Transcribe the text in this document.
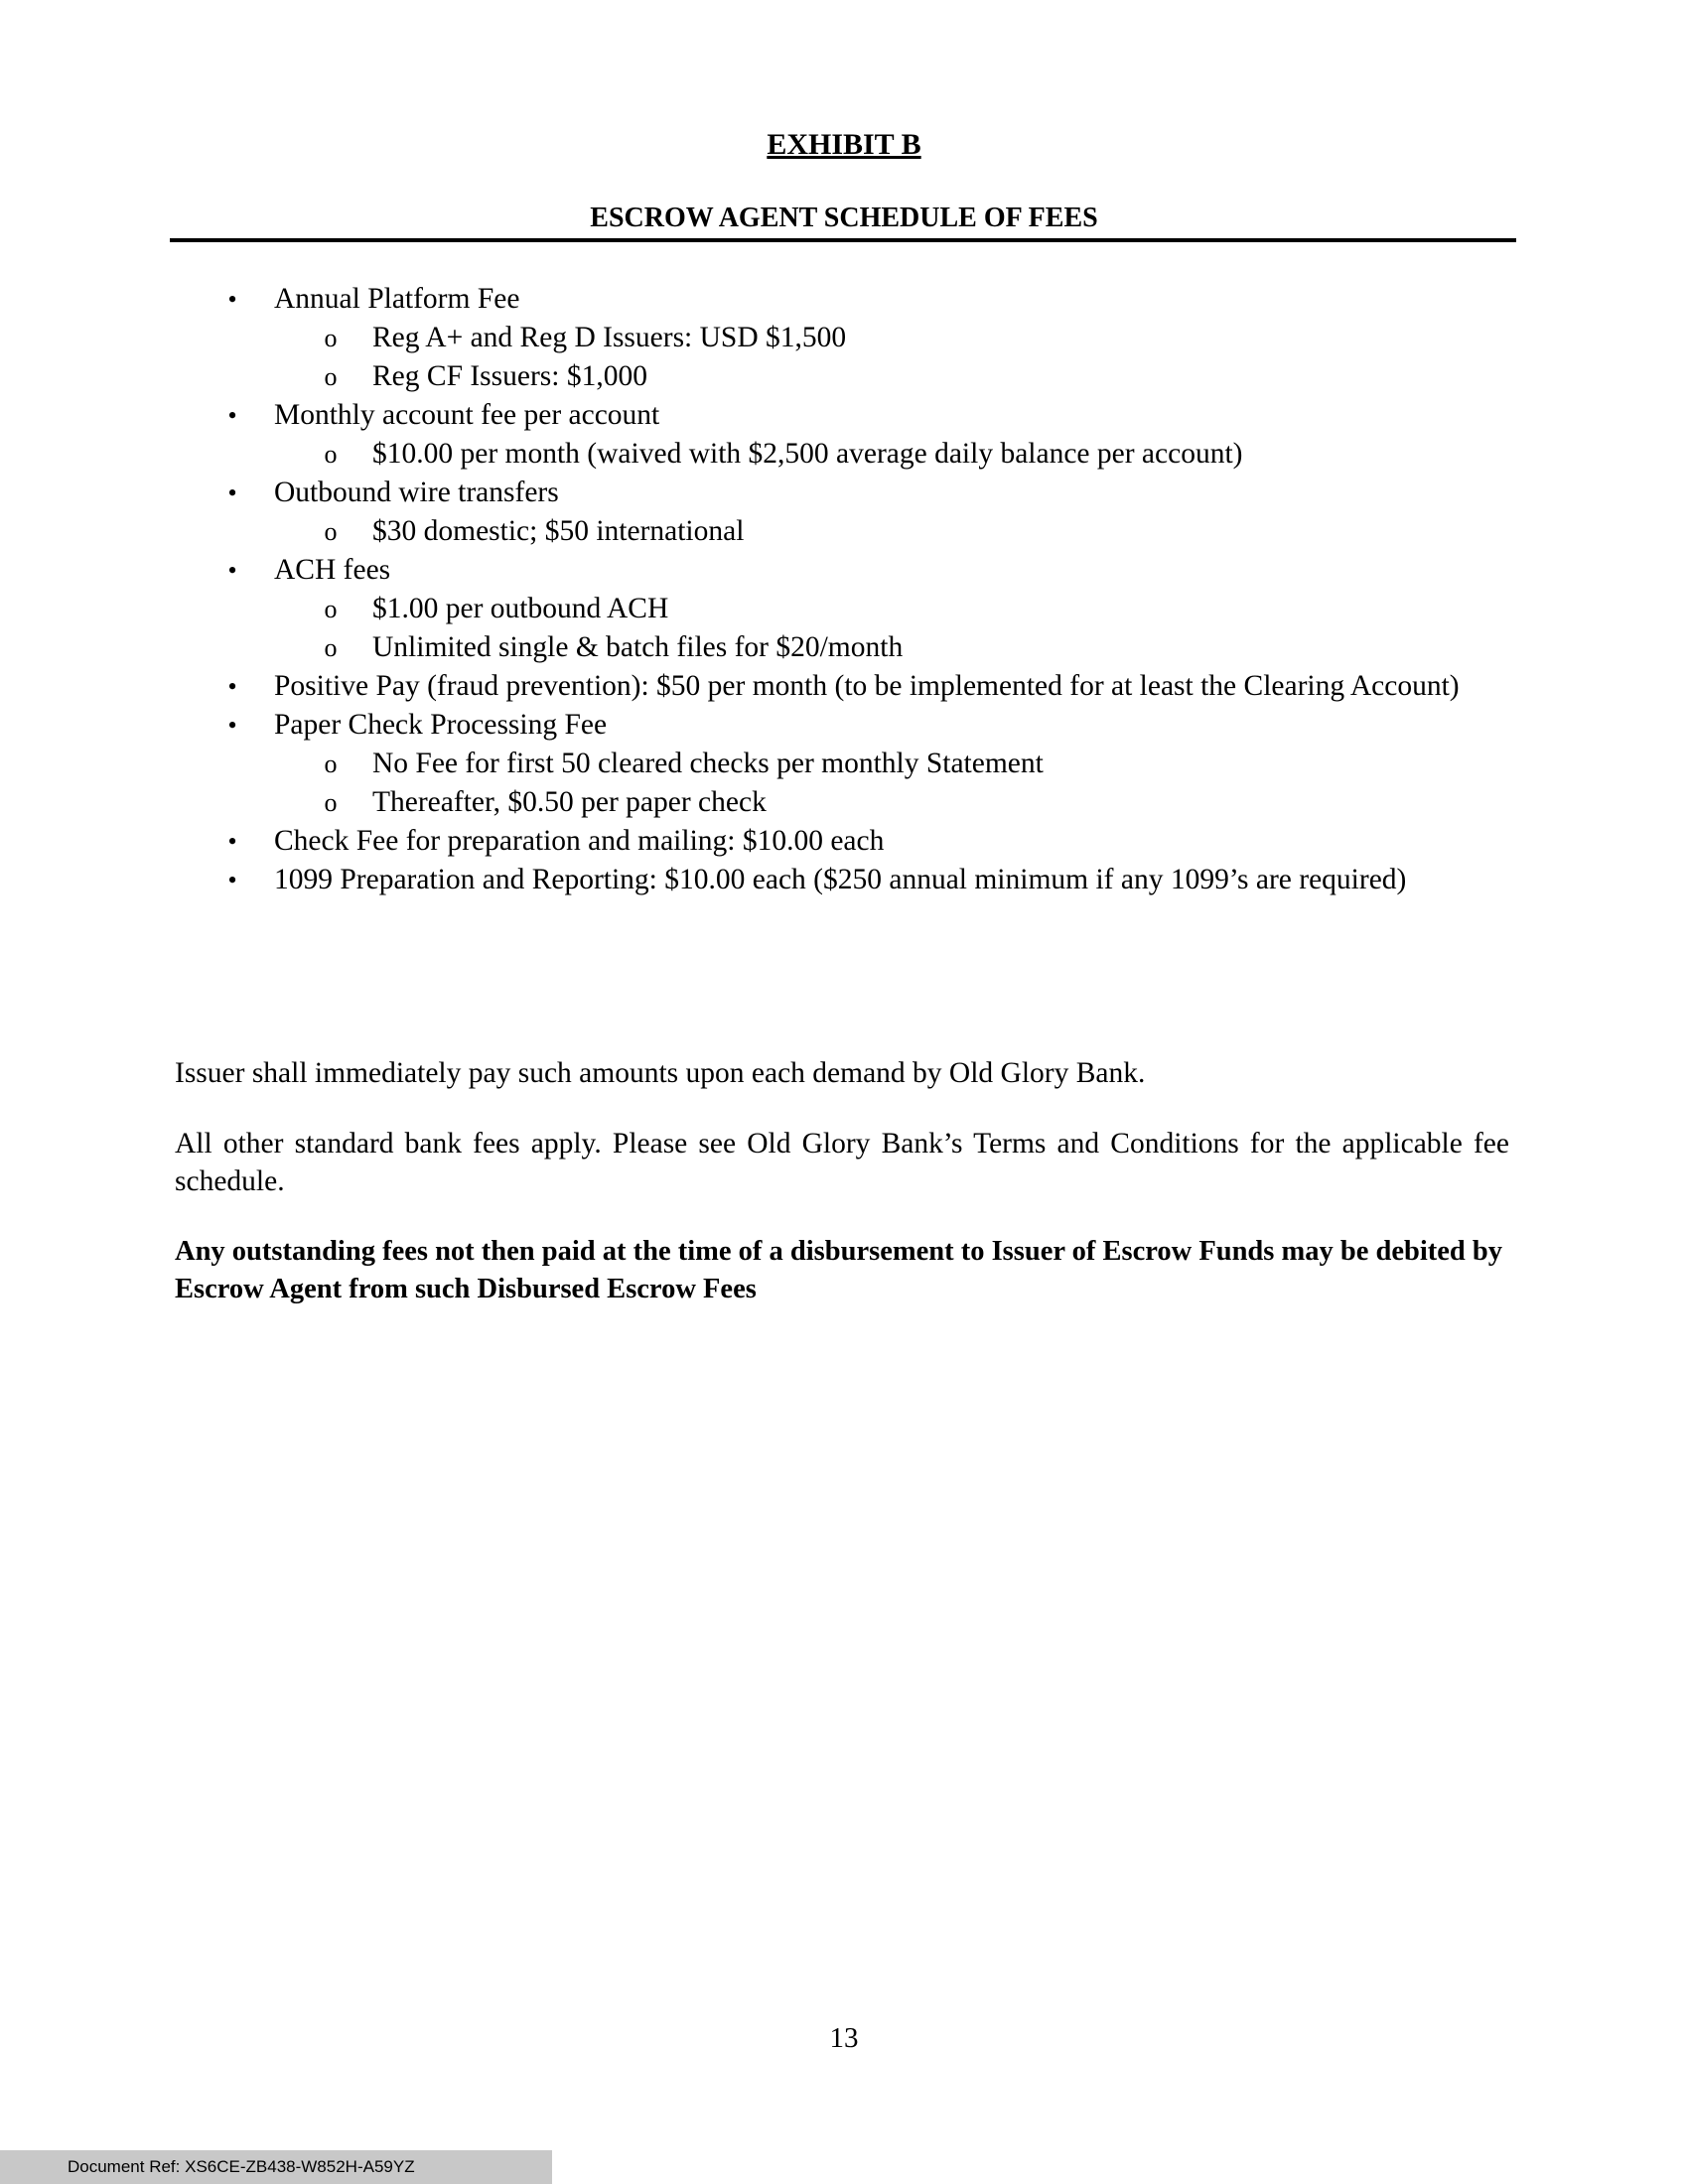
EXHIBIT B
ESCROW AGENT SCHEDULE OF FEES
• Annual Platform Fee
o Reg A+ and Reg D Issuers: USD $1,500
o Reg CF Issuers: $1,000
• Monthly account fee per account
o $10.00 per month (waived with $2,500 average daily balance per account)
• Outbound wire transfers
o $30 domestic; $50 international
• ACH fees
o $1.00 per outbound ACH
o Unlimited single & batch files for $20/month
• Positive Pay (fraud prevention): $50 per month (to be implemented for at least the Clearing Account)
• Paper Check Processing Fee
o No Fee for first 50 cleared checks per monthly Statement
o Thereafter, $0.50 per paper check
• Check Fee for preparation and mailing: $10.00 each
• 1099 Preparation and Reporting: $10.00 each ($250 annual minimum if any 1099’s are required)
Issuer shall immediately pay such amounts upon each demand by Old Glory Bank.
All other standard bank fees apply. Please see Old Glory Bank’s Terms and Conditions for the applicable fee schedule.
Any outstanding fees not then paid at the time of a disbursement to Issuer of Escrow Funds may be debited by Escrow Agent from such Disbursed Escrow Fees
13
Document Ref: XS6CE-ZB438-W852H-A59YZ
